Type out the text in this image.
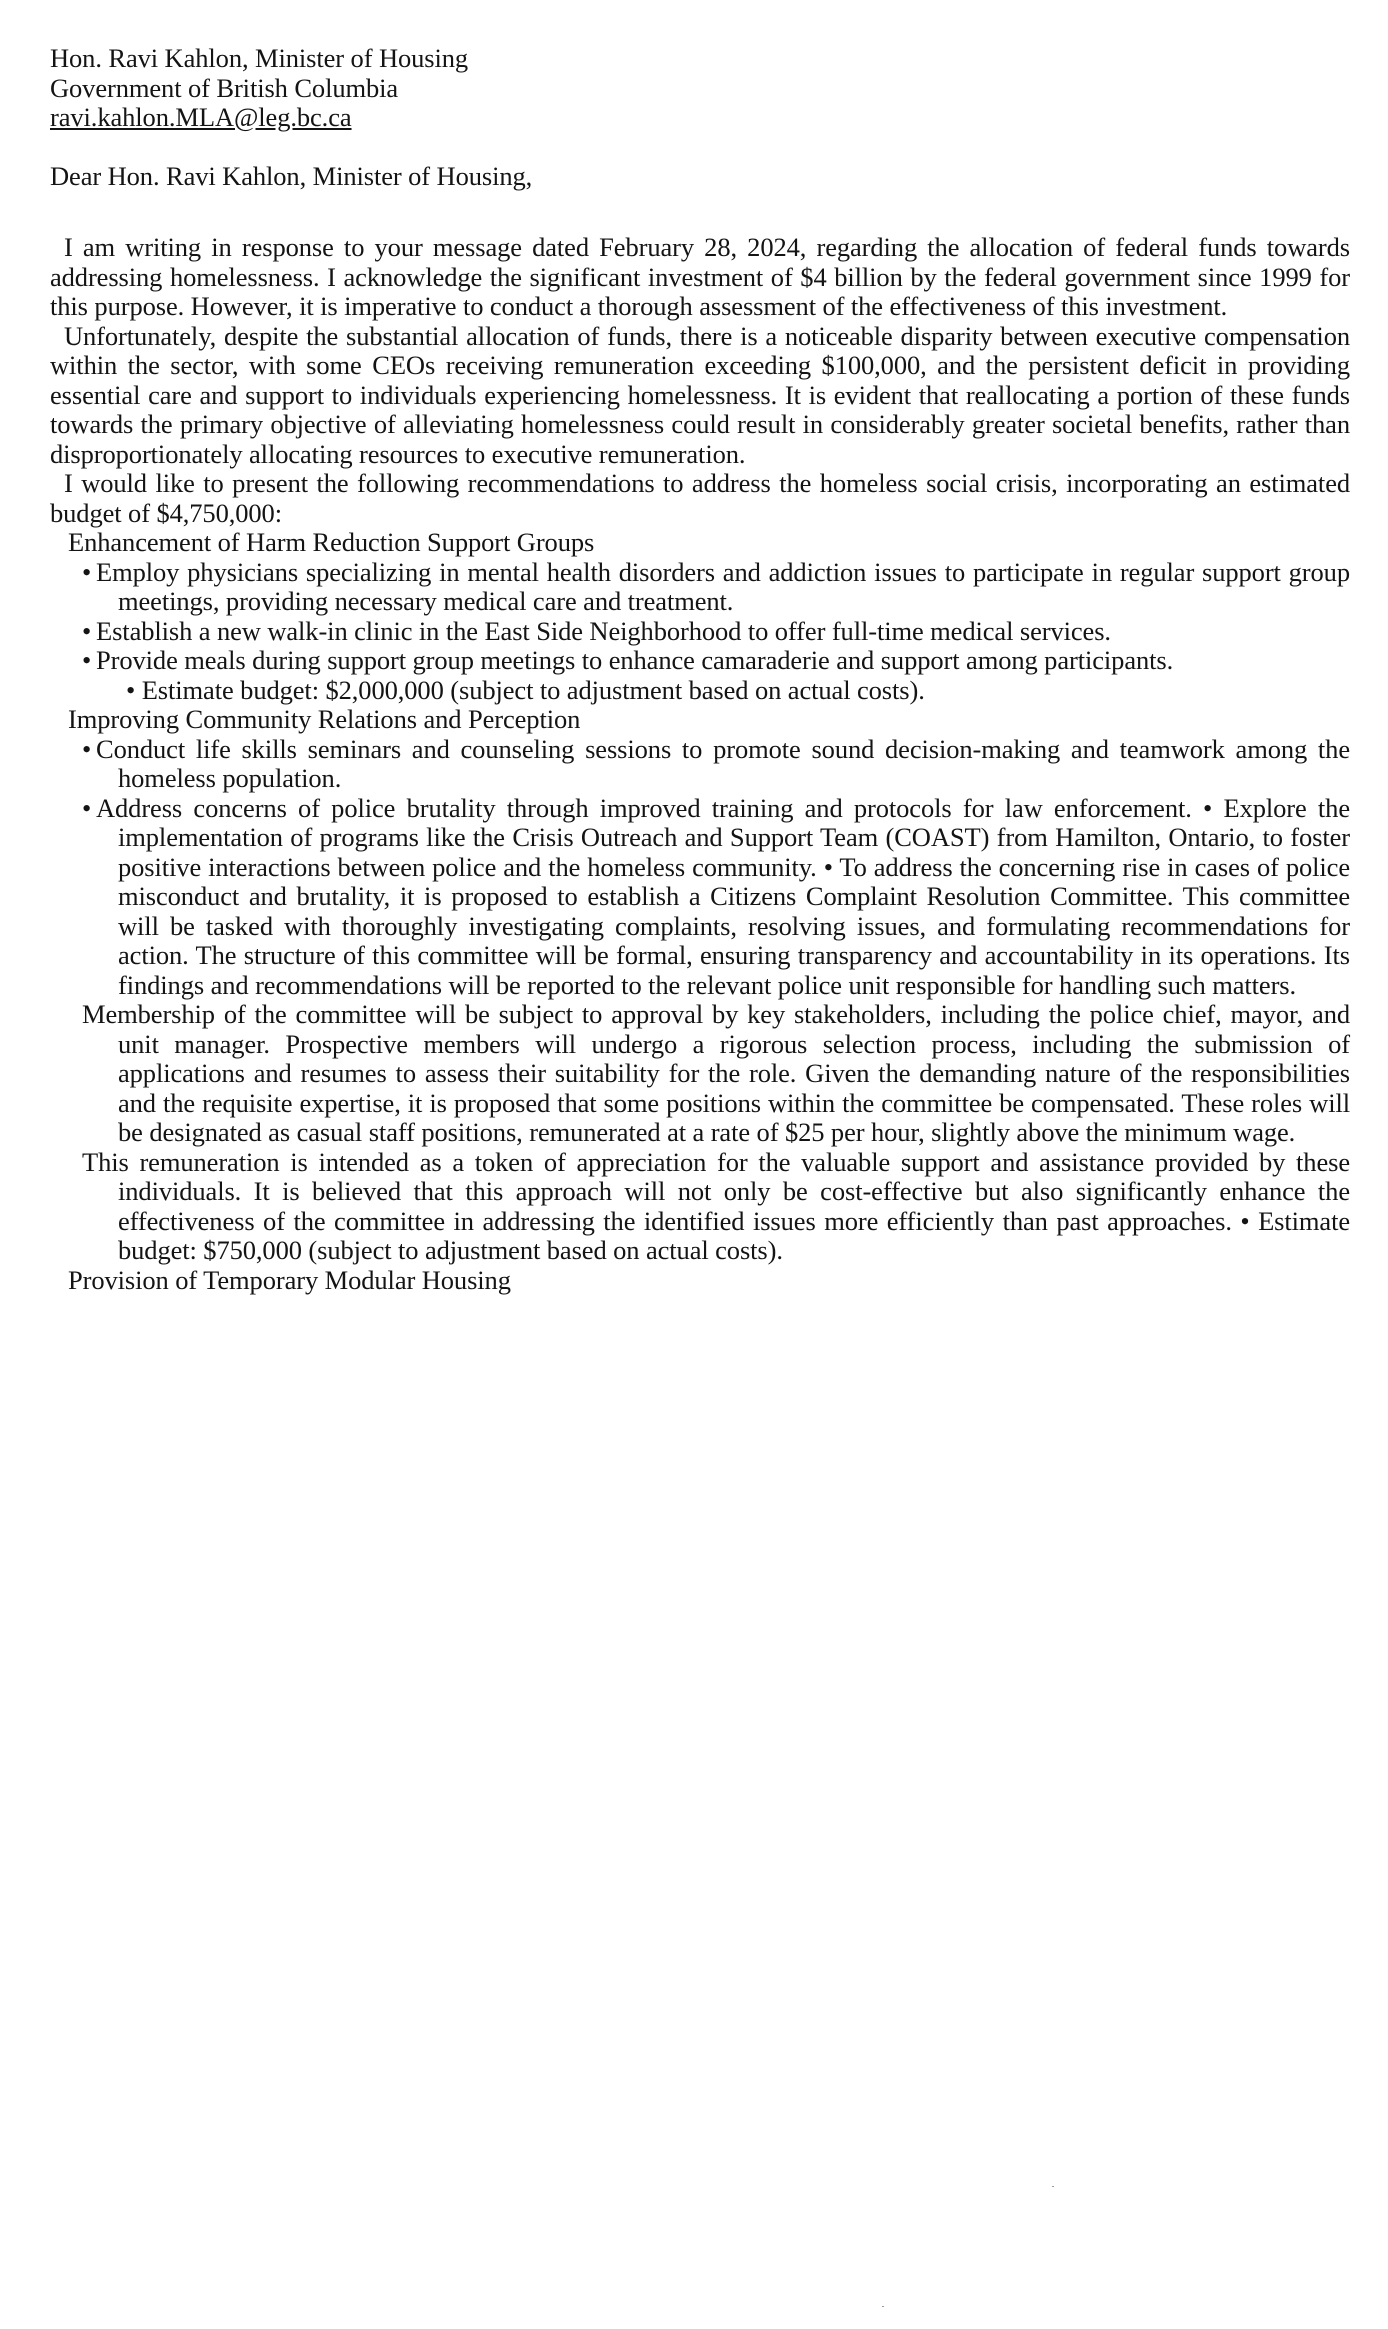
Hon. Ravi Kahlon, Minister of Housing
Government of British Columbia
ravi.kahlon.MLA@leg.bc.ca
Dear Hon. Ravi Kahlon, Minister of Housing,

I am writing in response to your message dated February 28, 2024, regarding the allocation of federal funds towards addressing homelessness. I acknowledge the significant investment of $4 billion by the federal government since 1999 for this purpose. However, it is imperative to conduct a thorough assessment of the effectiveness of this investment.

Unfortunately, despite the substantial allocation of funds, there is a noticeable disparity between executive compensation within the sector, with some CEOs receiving remuneration exceeding $100,000, and the persistent deficit in providing essential care and support to individuals experiencing homelessness. It is evident that reallocating a portion of these funds towards the primary objective of alleviating homelessness could result in considerably greater societal benefits, rather than disproportionately allocating resources to executive remuneration.

I would like to present the following recommendations to address the homeless social crisis, incorporating an estimated budget of $4,750,000:

Enhancement of Harm Reduction Support Groups

• Employ physicians specializing in mental health disorders and addiction issues to participate in regular support group meetings, providing necessary medical care and treatment.

• Establish a new walk-in clinic in the East Side Neighborhood to offer full-time medical services.

• Provide meals during support group meetings to enhance camaraderie and support among participants.

• Estimate budget: $2,000,000 (subject to adjustment based on actual costs).

Improving Community Relations and Perception

• Conduct life skills seminars and counseling sessions to promote sound decision-making and teamwork among the homeless population.

• Address concerns of police brutality through improved training and protocols for law enforcement. • Explore the implementation of programs like the Crisis Outreach and Support Team (COAST) from Hamilton, Ontario, to foster positive interactions between police and the homeless community. • To address the concerning rise in cases of police misconduct and brutality, it is proposed to establish a Citizens Complaint Resolution Committee. This committee will be tasked with thoroughly investigating complaints, resolving issues, and formulating recommendations for action. The structure of this committee will be formal, ensuring transparency and accountability in its operations. Its findings and recommendations will be reported to the relevant police unit responsible for handling such matters.

Membership of the committee will be subject to approval by key stakeholders, including the police chief, mayor, and unit manager. Prospective members will undergo a rigorous selection process, including the submission of applications and resumes to assess their suitability for the role. Given the demanding nature of the responsibilities and the requisite expertise, it is proposed that some positions within the committee be compensated. These roles will be designated as casual staff positions, remunerated at a rate of $25 per hour, slightly above the minimum wage.

This remuneration is intended as a token of appreciation for the valuable support and assistance provided by these individuals. It is believed that this approach will not only be cost-effective but also significantly enhance the effectiveness of the committee in addressing the identified issues more efficiently than past approaches. • Estimate budget: $750,000 (subject to adjustment based on actual costs).

Provision of Temporary Modular Housing
